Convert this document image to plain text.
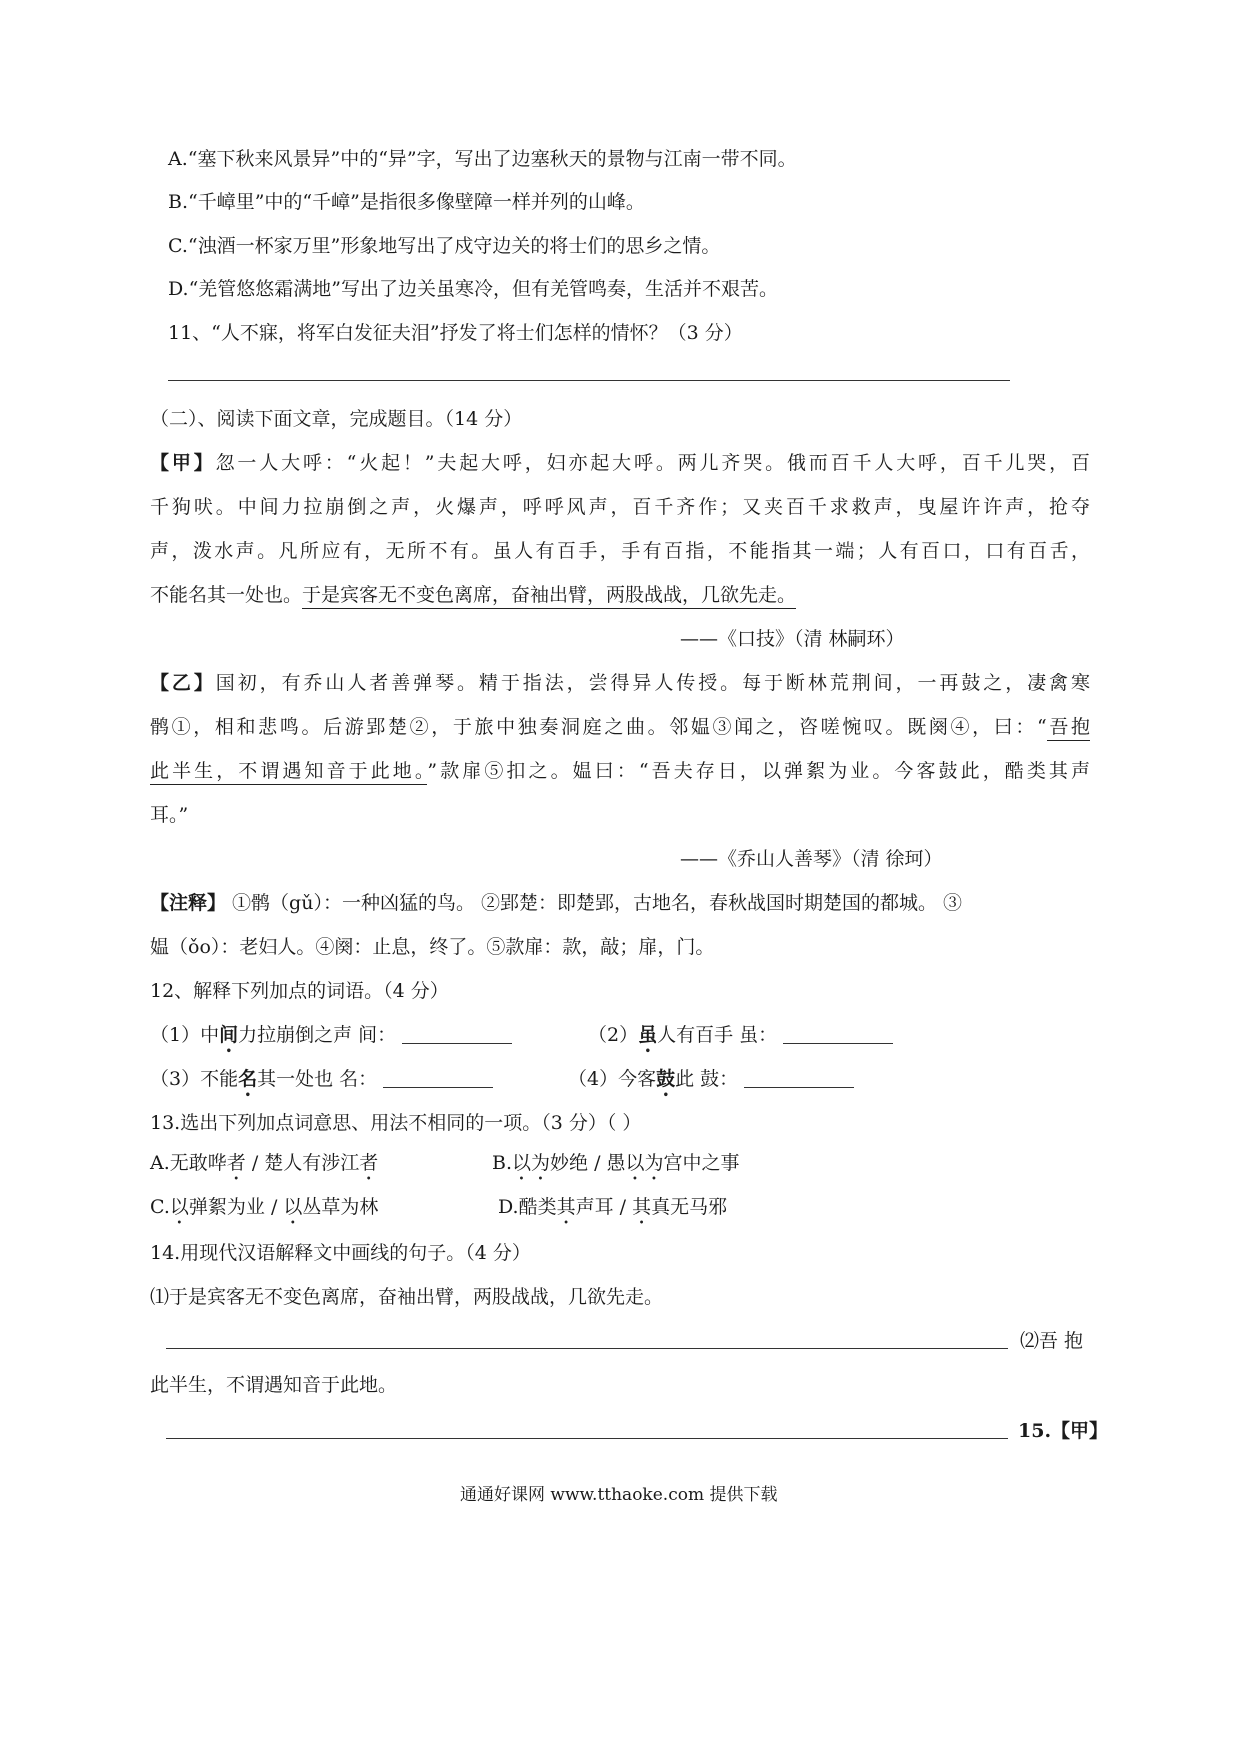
A.“塞下秋来风景异”中的“异”字，写出了边塞秋天的景物与江南一带不同。
B.“千嶂里”中的“千嶂”是指很多像壁障一样并列的山峰。
C.“浊酒一杯家万里”形象地写出了戍守边关的将士们的思乡之情。
D.“羌管悠悠霜满地”写出了边关虽寒冷，但有羌管鸣奏，生活并不艰苦。
11、“人不寐，将军白发征夫泪”抒发了将士们怎样的情怀？（3 分）
（二）、阅读下面文章，完成题目。（14 分）
【甲】忽一人大呼：“火起！”夫起大呼，妇亦起大呼。两儿齐哭。俄而百千人大呼，百千儿哭，百
千狗吠。中间力拉崩倒之声，火爆声，呼呼风声，百千齐作；又夹百千求救声，曳屋许许声，抢夺
声，泼水声。凡所应有，无所不有。虽人有百手，手有百指，不能指其一端；人有百口，口有百舌，
不能名其一处也。于是宾客无不变色离席，奋袖出臂，两股战战，几欲先走。
——《口技》（清 林嗣环）
【乙】国初，有乔山人者善弹琴。精于指法，尝得异人传授。每于断林荒荆间，一再鼓之，凄禽寒
鹘①，相和悲鸣。后游郢楚②，于旅中独奏洞庭之曲。邻媪③闻之，咨嗟惋叹。既阕④，曰：“吾抱
此半生，不谓遇知音于此地。”款扉⑤扣之。媪曰：“吾夫存日，以弹絮为业。今客鼓此，酷类其声
耳。”
——《乔山人善琴》（清 徐珂）
【注释】 ①鹘（gǔ）：一种凶猛的鸟。 ②郢楚：即楚郢，古地名，春秋战国时期楚国的都城。 ③
媪（ǒo）：老妇人。④阕：止息，终了。⑤款扉：款，敲；扉，门。
12、解释下列加点的词语。（4 分）
（1）中间力拉崩倒之声 间：	（2）虽人有百手 虽：
（3）不能名其一处也 名：	（4）今客鼓此 鼓：
13.选出下列加点词意思、用法不相同的一项。（3 分）（ ）
A.无敢哗者 / 楚人有涉江者	B.以为妙绝 / 愚以为宫中之事
C.以弹絮为业 / 以丛草为林	D.酷类其声耳 / 其真无马邪
14.用现代汉语解释文中画线的句子。（4 分）
⑴于是宾客无不变色离席，奋袖出臂，两股战战，几欲先走。
⑵吾 抱
此半生，不谓遇知音于此地。
15.【甲】
通通好课网 www.tthaoke.com 提供下载
